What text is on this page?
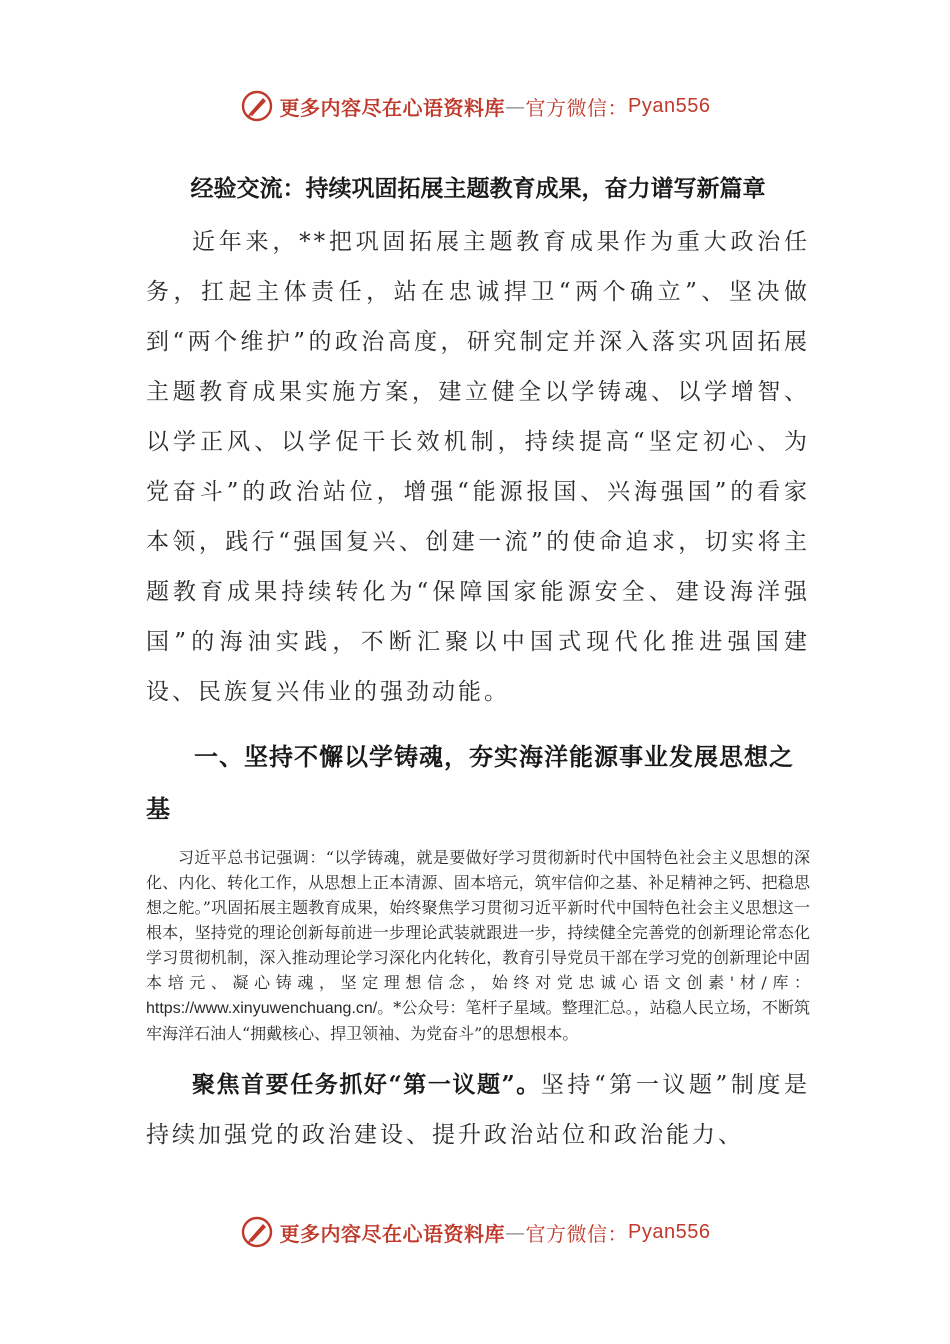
更多内容尽在心语资料库 — 官方微信： Pyan556
经验交流：持续巩固拓展主题教育成果，奋力谱写新篇章

近年来，**把巩固拓展主题教育成果作为重大政治任务，扛起主体责任，站在忠诚捍卫“两个确立”、坚决做到“两个维护”的政治高度，研究制定并深入落实巩固拓展主题教育成果实施方案，建立健全以学铸魂、以学增智、以学正风、以学促干长效机制，持续提高“坚定初心、为党奋斗”的政治站位，增强“能源报国、兴海强国”的看家本领，践行“强国复兴、创建一流”的使命追求，切实将主题教育成果持续转化为“保障国家能源安全、建设海洋强国”的海油实践，不断汇聚以中国式现代化推进强国建设、民族复兴伟业的强劲动能。

一、坚持不懈以学铸魂，夯实海洋能源事业发展思想之基

习近平总书记强调：“以学铸魂，就是要做好学习贯彻新时代中国特色社会主义思想的深化、内化、转化工作，从思想上正本清源、固本培元，筑牢信仰之基、补足精神之钙、把稳思想之舵。”巩固拓展主题教育成果，始终聚焦学习贯彻习近平新时代中国特色社会主义思想这一根本，坚持党的理论创新每前进一步理论武装就跟进一步，持续健全完善党的创新理论常态化学习贯彻机制，深入推动理论学习深化内化转化，教育引导党员干部在学习党的创新理论中固本培元、凝心铸魂，坚定理想信念，始终对党忠诚心语文创素'材/库：https://www.xinyuwenchuang.cn/。*公众号：笔杆子星域。整理汇总。，站稳人民立场，不断筑牢海洋石油人“拥戴核心、捍卫领袖、为党奋斗”的思想根本。

聚焦首要任务抓好“第一议题”。坚持“第一议题”制度是持续加强党的政治建设、提升政治站位和政治能力、

更多内容尽在心语资料库 — 官方微信： Pyan556
